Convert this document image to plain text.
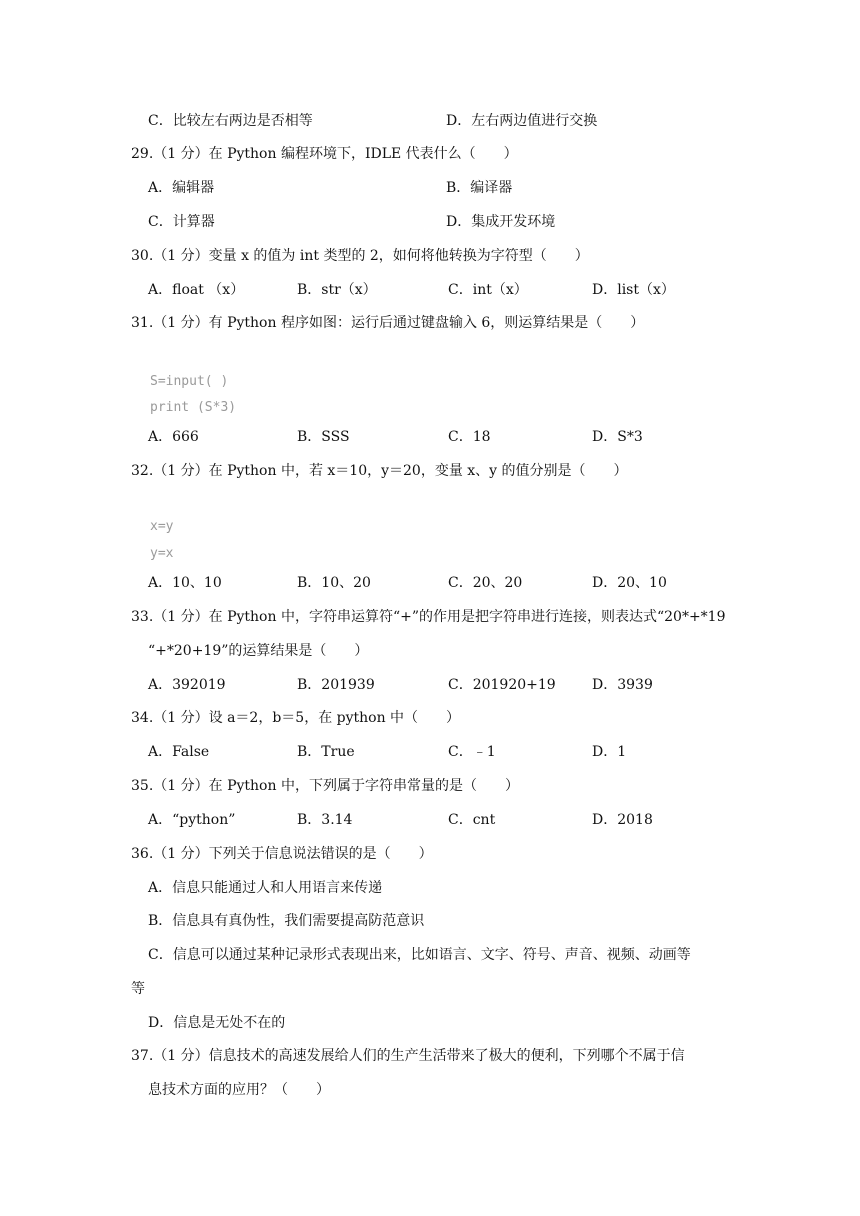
C．比较左右两边是否相等	D．左右两边值进行交换
29.（1 分）在 Python 编程环境下，IDLE 代表什么（　　）
A．编辑器	B．编译器
C．计算器	D．集成开发环境
30.（1 分）变量 x 的值为 int 类型的 2，如何将他转换为字符型（　　）
A．float （x）	B．str（x）	C．int（x）	D．list（x）
31.（1 分）有 Python 程序如图：运行后通过键盘输入 6，则运算结果是（　　）
S=input( )
print (S*3)
A．666	B．SSS	C．18	D．S*3
32.（1 分）在 Python 中，若 x＝10，y＝20，变量 x、y 的值分别是（　　）
x=y
y=x
A．10、10	B．10、20	C．20、20	D．20、10
33.（1 分）在 Python 中，字符串运算符“+”的作用是把字符串进行连接，则表达式“20*+*19
“+*20+19”的运算结果是（　　）
A．392019	B．201939	C．201920+19	D．3939
34.（1 分）设 a＝2，b＝5，在 python 中（　　）
A．False	B．True	C．﹣1	D．1
35.（1 分）在 Python 中，下列属于字符串常量的是（　　）
A．“python”	B．3.14	C．cnt	D．2018
36.（1 分）下列关于信息说法错误的是（　　）
A．信息只能通过人和人用语言来传递
B．信息具有真伪性，我们需要提高防范意识
C．信息可以通过某种记录形式表现出来，比如语言、文字、符号、声音、视频、动画等
等
D．信息是无处不在的
37.（1 分）信息技术的高速发展给人们的生产生活带来了极大的便利，下列哪个不属于信
息技术方面的应用？（　　）
